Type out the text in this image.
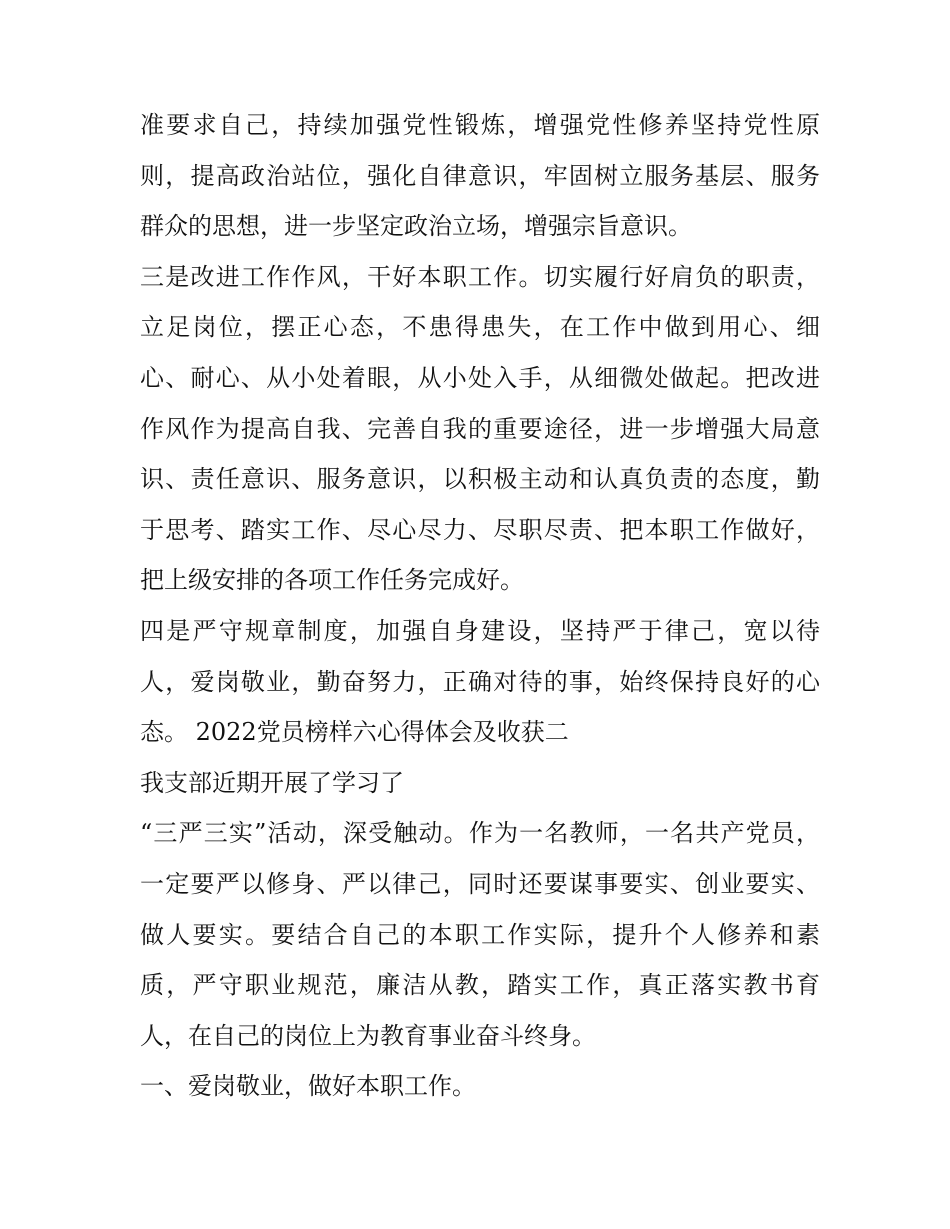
准要求自己，持续加强党性锻炼，增强党性修养坚持党性原
则，提高政治站位，强化自律意识，牢固树立服务基层、服务
群众的思想，进一步坚定政治立场，增强宗旨意识。
三是改进工作作风，干好本职工作。切实履行好肩负的职责，
立足岗位，摆正心态，不患得患失，在工作中做到用心、细
心、耐心、从小处着眼，从小处入手，从细微处做起。把改进
作风作为提高自我、完善自我的重要途径，进一步增强大局意
识、责任意识、服务意识，以积极主动和认真负责的态度，勤
于思考、踏实工作、尽心尽力、尽职尽责、把本职工作做好，
把上级安排的各项工作任务完成好。
四是严守规章制度，加强自身建设，坚持严于律己，宽以待
人，爱岗敬业，勤奋努力，正确对待的事，始终保持良好的心
态。 2022党员榜样六心得体会及收获二
我支部近期开展了学习了
“三严三实”活动，深受触动。作为一名教师，一名共产党员，
一定要严以修身、严以律己，同时还要谋事要实、创业要实、
做人要实。要结合自己的本职工作实际，提升个人修养和素
质，严守职业规范，廉洁从教，踏实工作，真正落实教书育
人，在自己的岗位上为教育事业奋斗终身。
一、爱岗敬业，做好本职工作。
